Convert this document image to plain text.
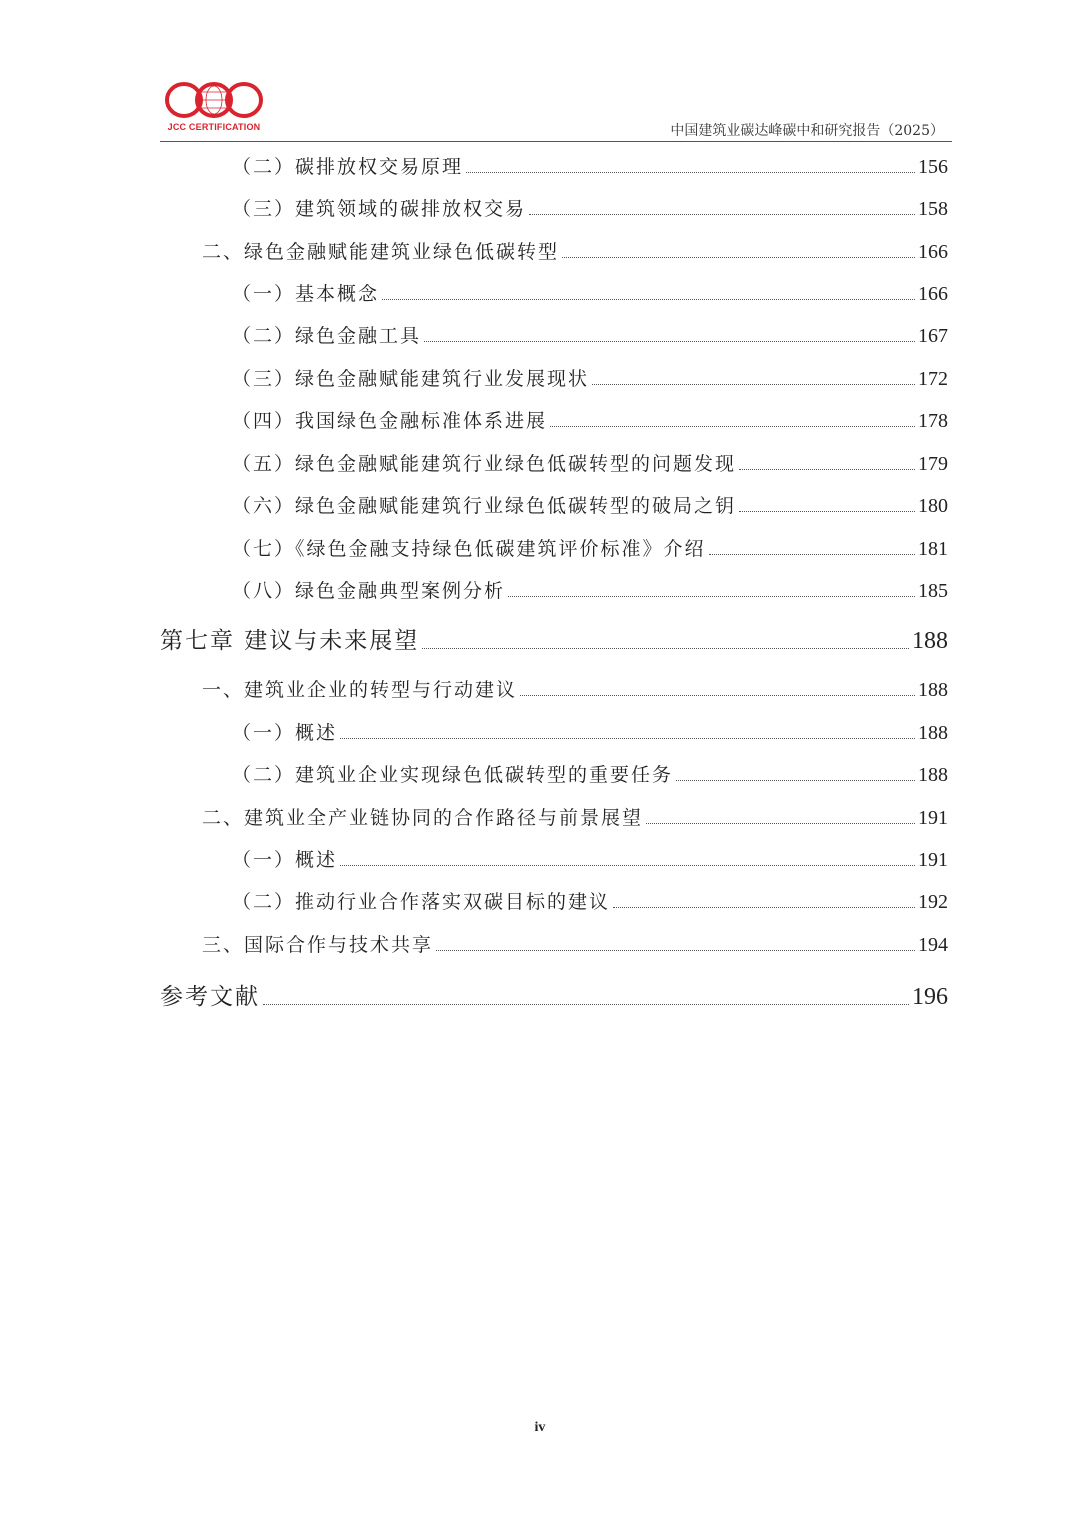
JCC CERTIFICATION	中国建筑业碳达峰碳中和研究报告（2025）
（二）碳排放权交易原理	156
（三）建筑领域的碳排放权交易	158
二、绿色金融赋能建筑业绿色低碳转型	166
（一）基本概念	166
（二）绿色金融工具	167
（三）绿色金融赋能建筑行业发展现状	172
（四）我国绿色金融标准体系进展	178
（五）绿色金融赋能建筑行业绿色低碳转型的问题发现	179
（六）绿色金融赋能建筑行业绿色低碳转型的破局之钥	180
（七）《绿色金融支持绿色低碳建筑评价标准》介绍	181
（八）绿色金融典型案例分析	185
第七章 建议与未来展望	188
一、建筑业企业的转型与行动建议	188
（一）概述	188
（二）建筑业企业实现绿色低碳转型的重要任务	188
二、建筑业全产业链协同的合作路径与前景展望	191
（一）概述	191
（二）推动行业合作落实双碳目标的建议	192
三、国际合作与技术共享	194
参考文献	196
iv
